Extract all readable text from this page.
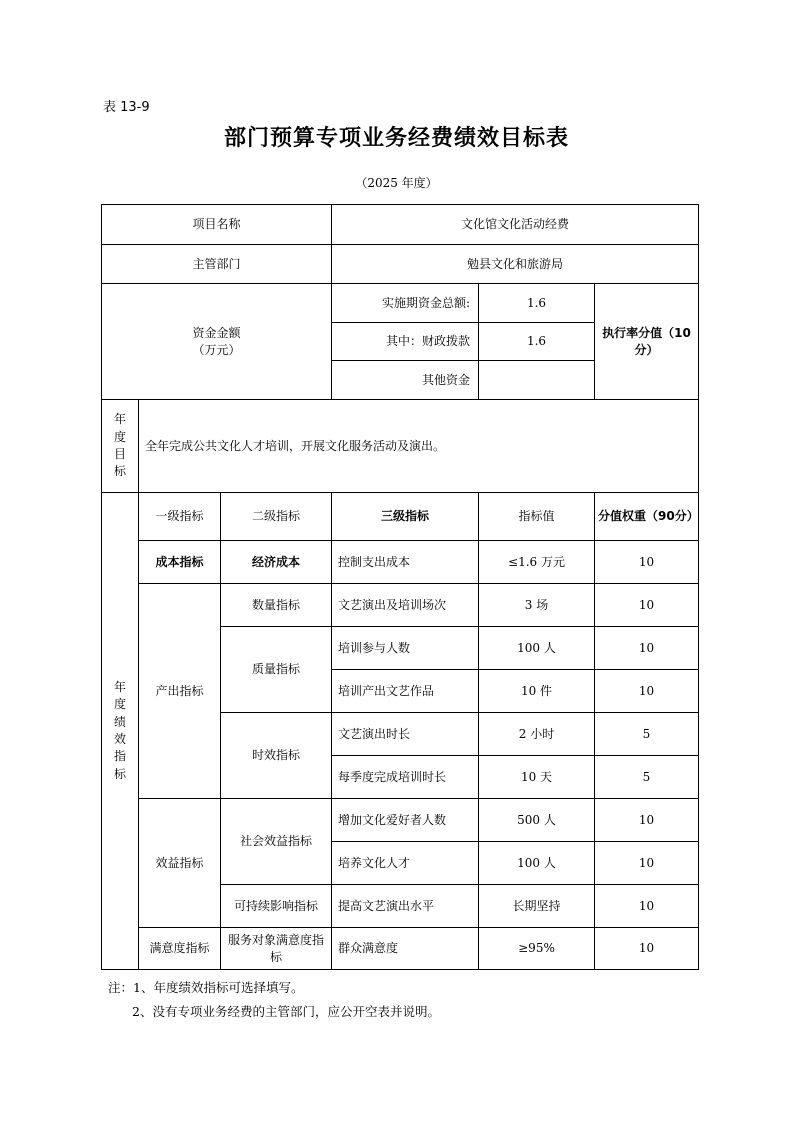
表 13-9
部门预算专项业务经费绩效目标表
（2025 年度）
项目名称			文化馆文化活动经费		
主管部门			勉县文化和旅游局		

资金金额
（万元）			实施期资金总额:	1.6	执行率分值（10分）
			其中：财政拨款	1.6	
			其他资金		

年度目标	全年完成公共文化人才培训，开展文化服务活动及演出。				

年度绩效指标	一级指标	二级指标	三级指标	指标值	分值权重（90分）
	成本指标	经济成本	控制支出成本	≤1.6 万元	10
	产出指标	数量指标	文艺演出及培训场次	3 场	10
		质量指标	培训参与人数	100 人	10
			培训产出文艺作品	10 件	10
		时效指标	文艺演出时长	2 小时	5
			每季度完成培训时长	10 天	5
	效益指标	社会效益指标	增加文化爱好者人数	500 人	10
			培养文化人才	100 人	10
		可持续影响指标	提高文艺演出水平	长期坚持	10
	满意度指标	服务对象满意度指标	群众满意度	≥95%	10
注：1、年度绩效指标可选择填写。
2、没有专项业务经费的主管部门，应公开空表并说明。
